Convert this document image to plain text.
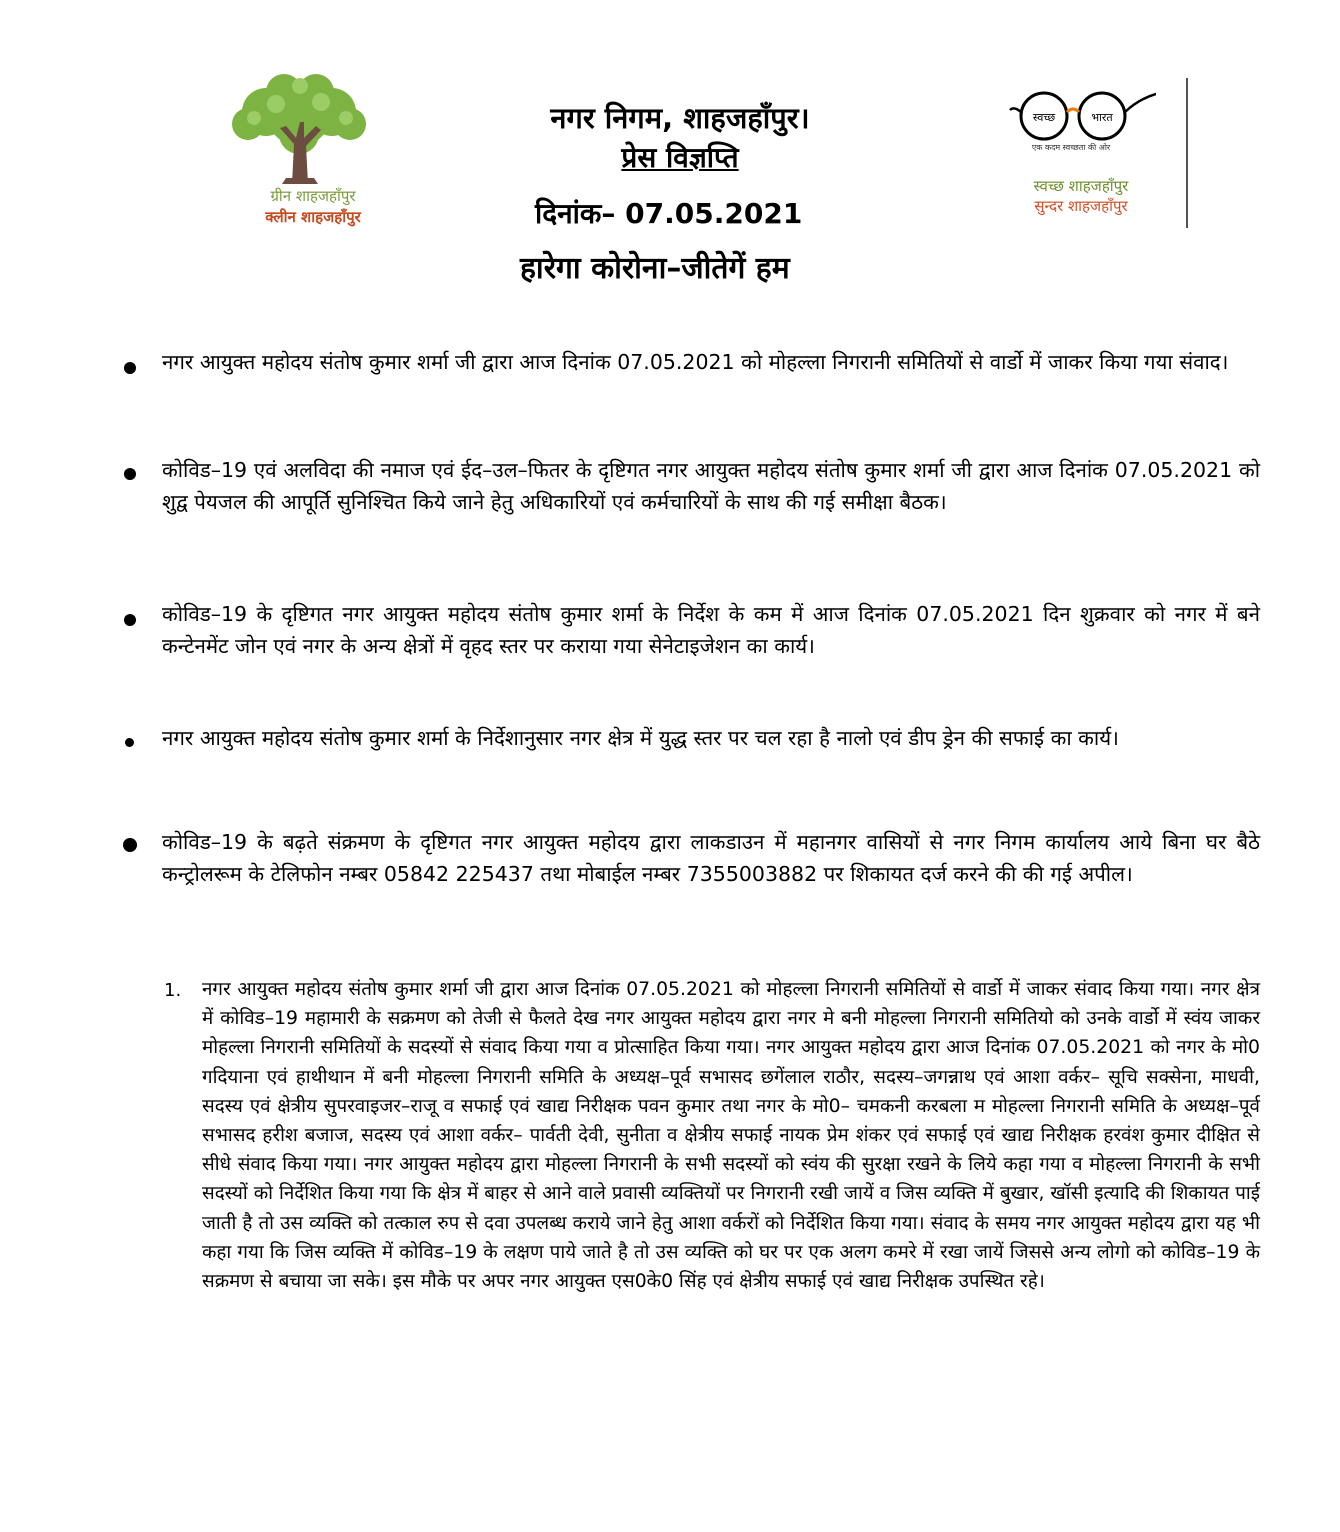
ग्रीन शाहजहाँपुर
क्लीन शाहजहाँपुर
नगर निगम, शाहजहाँपुर।
प्रेस विज्ञप्ति
दिनांक– 07.05.2021
हारेगा कोरोना–जीतेगें हम
स्वच्छ	भारत
एक कदम स्वच्छता की ओर
स्वच्छ शाहजहाँपुर
सुन्दर शाहजहाँपुर
नगर आयुक्त महोदय संतोष कुमार शर्मा जी द्वारा आज दिनांक 07.05.2021 को मोहल्ला निगरानी समितियों से वार्डो में जाकर किया गया संवाद।
कोविड–19 एवं अलविदा की नमाज एवं ईद–उल–फितर के दृष्टिगत नगर आयुक्त महोदय संतोष कुमार शर्मा जी द्वारा आज दिनांक 07.05.2021 को शुद्व पेयजल की आपूर्ति सुनिश्चित किये जाने हेतु अधिकारियों एवं कर्मचारियों के साथ की गई समीक्षा बैठक।
कोविड–19 के दृष्टिगत नगर आयुक्त महोदय संतोष कुमार शर्मा के निर्देश के कम में आज दिनांक 07.05.2021 दिन शुक्रवार को नगर में बने कन्टेनमेंट जोन एवं नगर के अन्य क्षेत्रों में वृहद स्तर पर कराया गया सेनेटाइजेशन का कार्य।
नगर आयुक्त महोदय संतोष कुमार शर्मा के निर्देशानुसार नगर क्षेत्र में युद्ध स्तर पर चल रहा है नालो एवं डीप ड्रेन की सफाई का कार्य।
कोविड–19 के बढ़ते संक्रमण के दृष्टिगत नगर आयुक्त महोदय द्वारा लाकडाउन में महानगर वासियों से नगर निगम कार्यालय आये बिना घर बैठे कन्ट्रोलरूम के टेलिफोन नम्बर 05842 225437 तथा मोबाईल नम्बर 7355003882 पर शिकायत दर्ज करने की की गई अपील।
1. नगर आयुक्त महोदय संतोष कुमार शर्मा जी द्वारा आज दिनांक 07.05.2021 को मोहल्ला निगरानी समितियों से वार्डो में जाकर संवाद किया गया। नगर क्षेत्र में कोविड–19 महामारी के सक्रमण को तेजी से फैलते देख नगर आयुक्त महोदय द्वारा नगर मे बनी मोहल्ला निगरानी समितियो को उनके वार्डो में स्वंय जाकर मोहल्ला निगरानी समितियों के सदस्यों से संवाद किया गया व प्रोत्साहित किया गया। नगर आयुक्त महोदय द्वारा आज दिनांक 07.05.2021 को नगर के मो0 गदियाना एवं हाथीथान में बनी मोहल्ला निगरानी समिति के अध्यक्ष–पूर्व सभासद छगेंलाल राठौर, सदस्य–जगन्नाथ एवं आशा वर्कर– सूचि सक्सेना, माधवी, सदस्य एवं क्षेत्रीय सुपरवाइजर–राजू व सफाई एवं खाद्य निरीक्षक पवन कुमार तथा नगर के मो0– चमकनी करबला म मोहल्ला निगरानी समिति के अध्यक्ष–पूर्व सभासद हरीश बजाज, सदस्य एवं आशा वर्कर– पार्वती देवी, सुनीता व क्षेत्रीय सफाई नायक प्रेम शंकर एवं सफाई एवं खाद्य निरीक्षक हरवंश कुमार दीक्षित से सीधे संवाद किया गया। नगर आयुक्त महोदय द्वारा मोहल्ला निगरानी के सभी सदस्यों को स्वंय की सुरक्षा रखने के लिये कहा गया व मोहल्ला निगरानी के सभी सदस्यों को निर्देशित किया गया कि क्षेत्र में बाहर से आने वाले प्रवासी व्यक्तियों पर निगरानी रखी जायें व जिस व्यक्ति में बुखार, खॉसी इत्यादि की शिकायत पाई जाती है तो उस व्यक्ति को तत्काल रुप से दवा उपलब्ध कराये जाने हेतु आशा वर्करों को निर्देशित किया गया। संवाद के समय नगर आयुक्त महोदय द्वारा यह भी कहा गया कि जिस व्यक्ति में कोविड–19 के लक्षण पाये जाते है तो उस व्यक्ति को घर पर एक अलग कमरे में रखा जायें जिससे अन्य लोगो को कोविड–19 के सक्रमण से बचाया जा सके। इस मौके पर अपर नगर आयुक्त एस0के0 सिंह एवं क्षेत्रीय सफाई एवं खाद्य निरीक्षक उपस्थित रहे।
